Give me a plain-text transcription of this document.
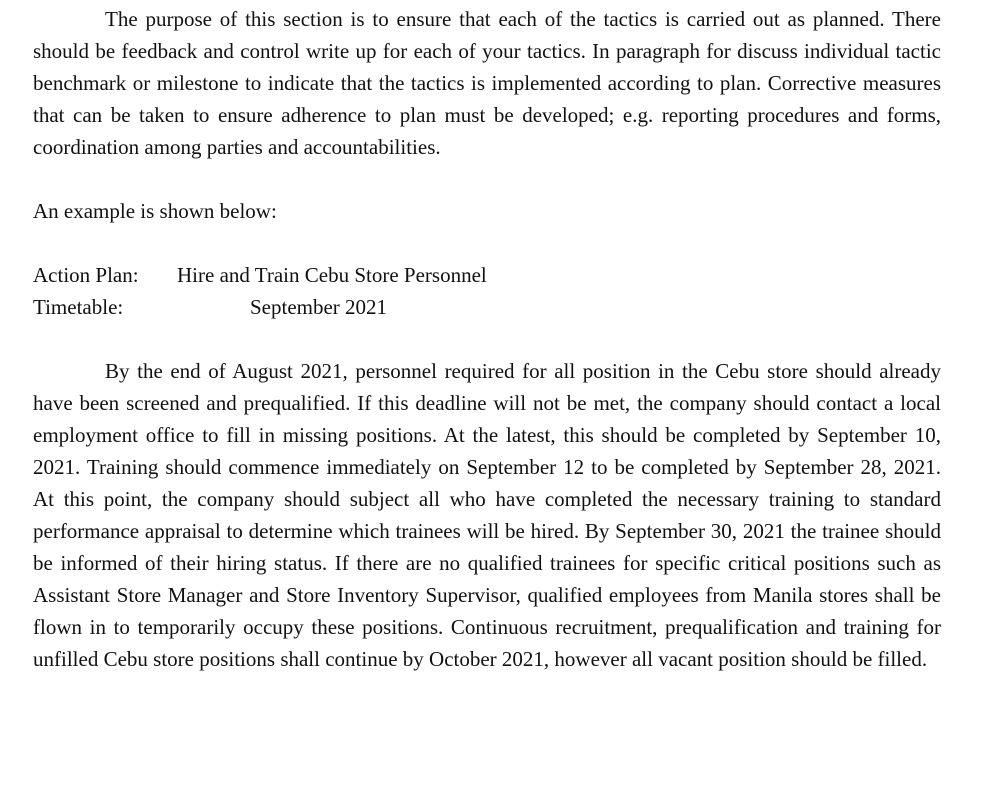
The purpose of this section is to ensure that each of the tactics is carried out as planned. There should be feedback and control write up for each of your tactics. In paragraph for discuss individual tactic benchmark or milestone to indicate that the tactics is implemented according to plan. Corrective measures that can be taken to ensure adherence to plan must be developed; e.g. reporting procedures and forms, coordination among parties and accountabilities.

An example is shown below:

Action Plan:	Hire and Train Cebu Store Personnel
Timetable:	September 2021

By the end of August 2021, personnel required for all position in the Cebu store should already have been screened and prequalified. If this deadline will not be met, the company should contact a local employment office to fill in missing positions. At the latest, this should be completed by September 10, 2021. Training should commence immediately on September 12 to be completed by September 28, 2021. At this point, the company should subject all who have completed the necessary training to standard performance appraisal to determine which trainees will be hired. By September 30, 2021 the trainee should be informed of their hiring status. If there are no qualified trainees for specific critical positions such as Assistant Store Manager and Store Inventory Supervisor, qualified employees from Manila stores shall be flown in to temporarily occupy these positions. Continuous recruitment, prequalification and training for unfilled Cebu store positions shall continue by October 2021, however all vacant position should be filled.
